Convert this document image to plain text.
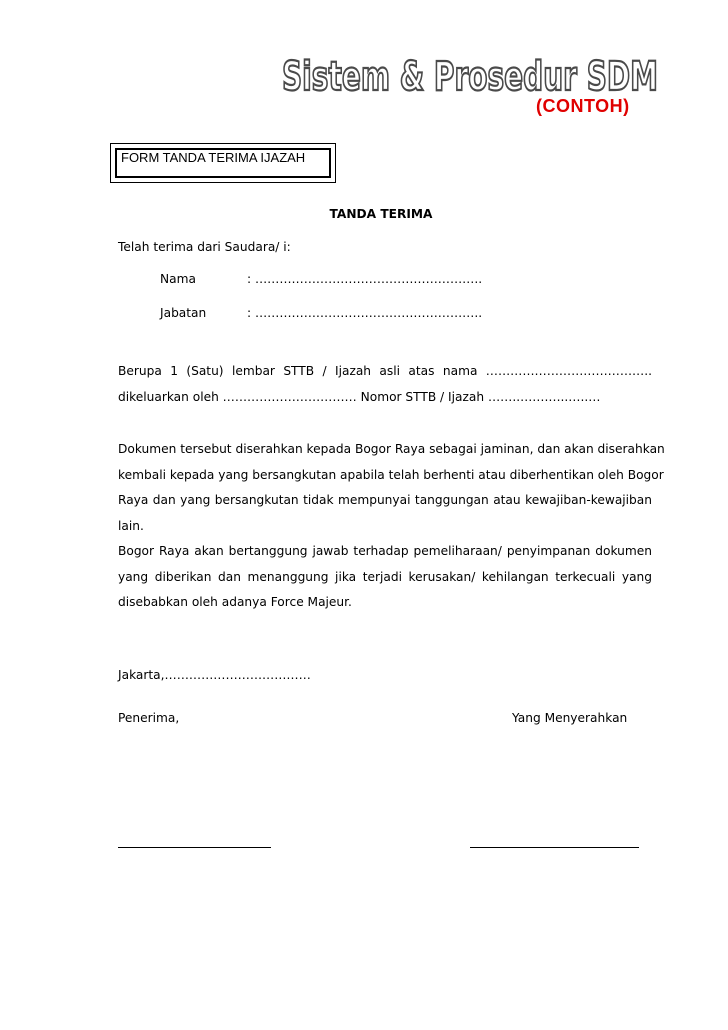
Sistem & Prosedur SDM
(CONTOH)
FORM TANDA TERIMA IJAZAH
TANDA TERIMA
Telah terima dari Saudara/ i:
Nama	: ………………………………………………..
Jabatan	: ………………………………………………..
Berupa 1 (Satu) lembar STTB / Ijazah asli atas nama …………………………………..
dikeluarkan oleh …………………………… Nomor STTB / Ijazah ……..…….…..…..…
Dokumen tersebut diserahkan kepada Bogor Raya sebagai jaminan, dan akan diserahkan
kembali kepada yang bersangkutan apabila telah berhenti atau diberhentikan oleh Bogor
Raya dan yang bersangkutan tidak mempunyai tanggungan atau kewajiban-kewajiban
lain.
Bogor Raya akan bertanggung jawab terhadap pemeliharaan/ penyimpanan dokumen
yang diberikan dan menanggung jika terjadi kerusakan/ kehilangan terkecuali yang
disebabkan oleh adanya Force Majeur.
Jakarta,………………………………
Penerima,	Yang Menyerahkan
